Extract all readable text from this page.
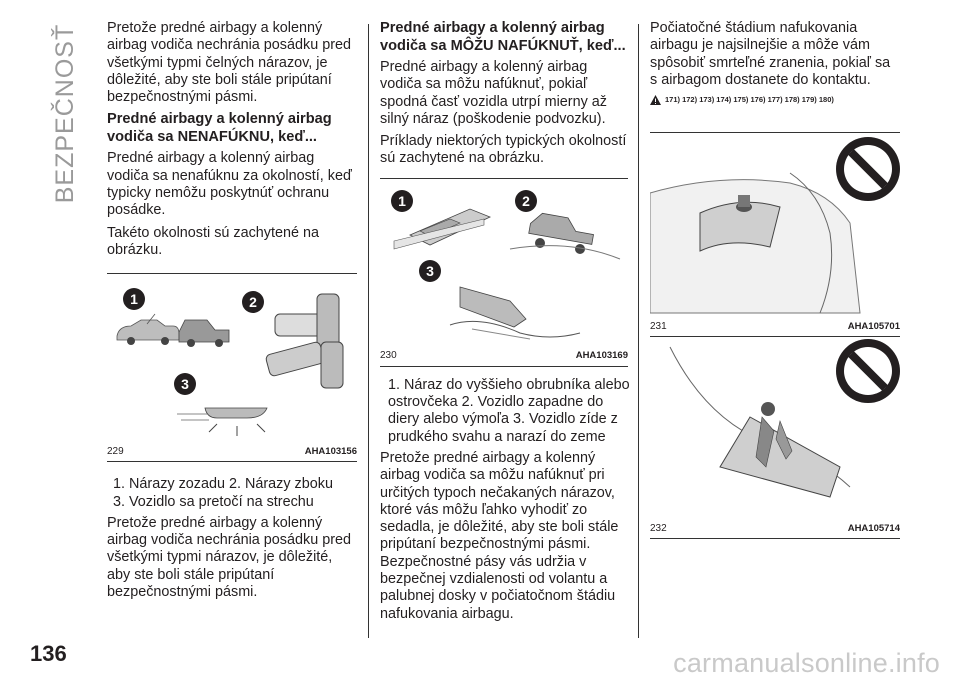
BEZPEČNOSŤ
136

Pretože predné airbagy a kolenný airbag vodiča nechránia posádku pred všetkými typmi čelných nárazov, je dôležité, aby ste boli stále pripútaní bezpečnostnými pásmi.

Predné airbagy a kolenný airbag vodiča sa NENAFÚKNU, keď...

Predné airbagy a kolenný airbag vodiča sa nenafúknu za okolností, keď typicky nemôžu poskytnúť ochranu posádke.

Takéto okolnosti sú zachytené na obrázku.

1	2
3
229	AHA103156

1. Nárazy zozadu 2. Nárazy zboku

3. Vozidlo sa pretočí na strechu

Pretože predné airbagy a kolenný airbag vodiča nechránia posádku pred všetkými typmi nárazov, je dôležité, aby ste boli stále pripútaní bezpečnostnými pásmi.

Predné airbagy a kolenný airbag vodiča sa MÔŽU NAFÚKNUŤ, keď...

Predné airbagy a kolenný airbag vodiča sa môžu nafúknuť, pokiaľ spodná časť vozidla utrpí mierny až silný náraz (poškodenie podvozku).

Príklady niektorých typických okolností sú zachytené na obrázku.

1	2
3
230	AHA103169

1. Náraz do vyššieho obrubníka alebo ostrovčeka 2. Vozidlo zapadne do diery alebo výmoľa 3. Vozidlo zíde z prudkého svahu a narazí do zeme

Pretože predné airbagy a kolenný airbag vodiča sa môžu nafúknuť pri určitých typoch nečakaných nárazov, ktoré vás môžu ľahko vyhodiť zo sedadla, je dôležité, aby ste boli stále pripútaní bezpečnostnými pásmi. Bezpečnostné pásy vás udržia v bezpečnej vzdialenosti od volantu a palubnej dosky v počiatočnom štádiu nafukovania airbagu.

Počiatočné štádium nafukovania airbagu je najsilnejšie a môže vám spôsobiť smrteľné zranenia, pokiaľ sa s airbagom dostanete do kontaktu.

171) 172) 173) 174) 175) 176) 177) 178) 179) 180)
231	AHA105701
232	AHA105714
carmanualsonline.info
